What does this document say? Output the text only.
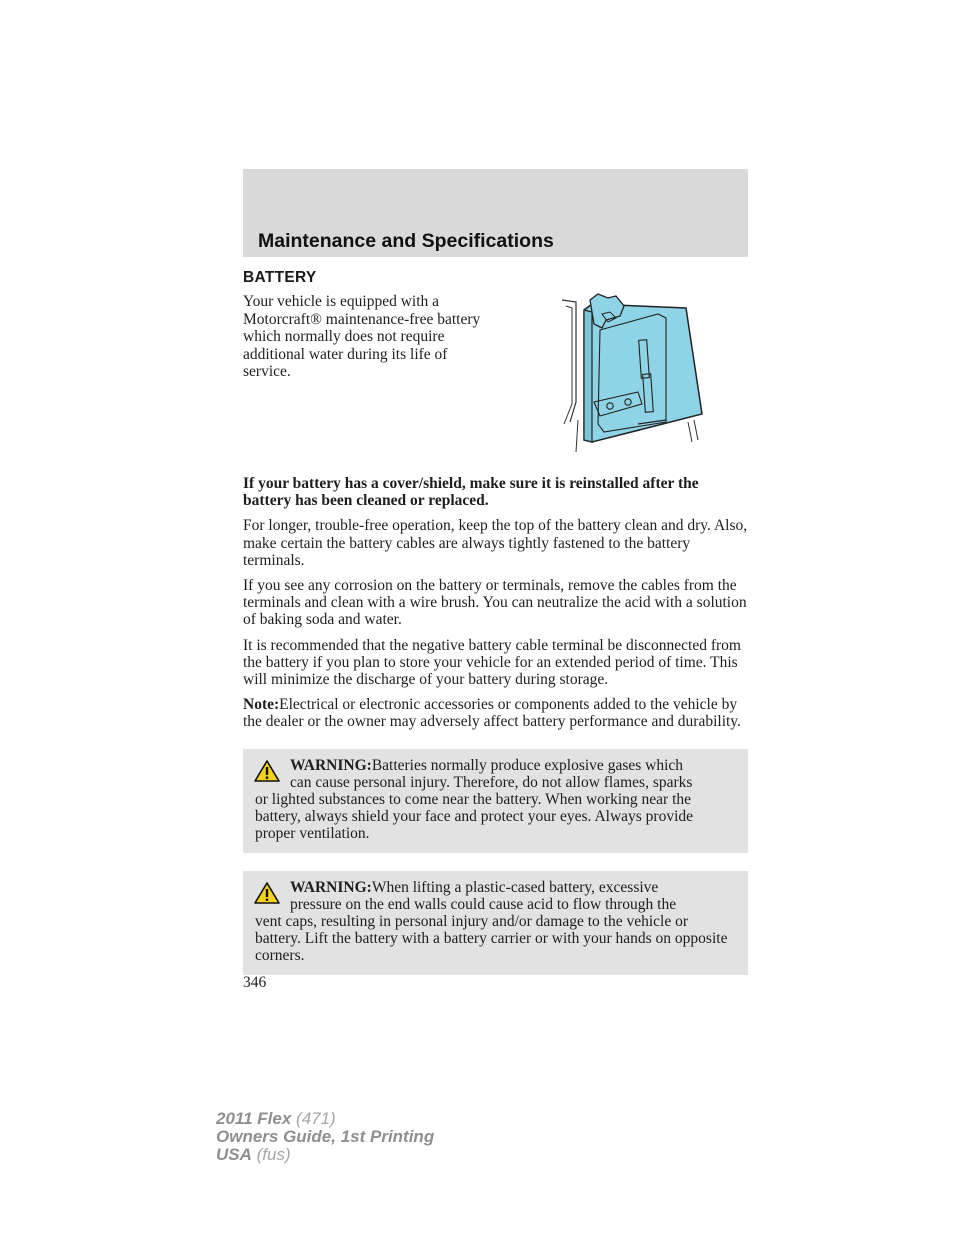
Maintenance and Specifications
BATTERY

Your vehicle is equipped with a Motorcraft® maintenance-free battery which normally does not require additional water during its life of service.

If your battery has a cover/shield, make sure it is reinstalled after the battery has been cleaned or replaced.

For longer, trouble-free operation, keep the top of the battery clean and dry. Also, make certain the battery cables are always tightly fastened to the battery terminals.

If you see any corrosion on the battery or terminals, remove the cables from the terminals and clean with a wire brush. You can neutralize the acid with a solution of baking soda and water.

It is recommended that the negative battery cable terminal be disconnected from the battery if you plan to store your vehicle for an extended period of time. This will minimize the discharge of your battery during storage.

Note:Electrical or electronic accessories or components added to the vehicle by the dealer or the owner may adversely affect battery performance and durability.

WARNING:Batteries normally produce explosive gases which
can cause personal injury. Therefore, do not allow flames, sparks
or lighted substances to come near the battery. When working near the battery, always shield your face and protect your eyes. Always provide proper ventilation.
WARNING:When lifting a plastic-cased battery, excessive
pressure on the end walls could cause acid to flow through the
vent caps, resulting in personal injury and/or damage to the vehicle or battery. Lift the battery with a battery carrier or with your hands on opposite corners.

346

2011 Flex (471)
Owners Guide, 1st Printing
USA (fus)
